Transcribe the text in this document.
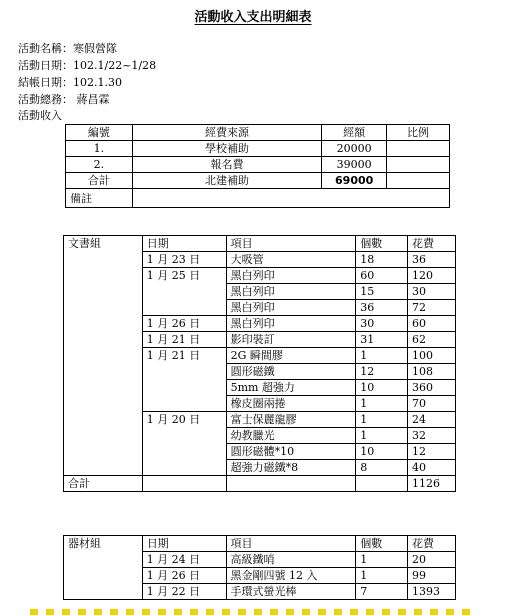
活動收入支出明細表
活動名稱：寒假營隊
活動日期：102.1/22~1/28
結帳日期：102.1.30
活動總務： 蔣昌霖
活動收入
編號	經費來源	經額	比例
1.	學校補助	20000	
2.	報名費	39000	
合計	北建補助	69000	
備註			
文書組	日期	項目	個數	花費
	1 月 23 日	大吸管	18	36
	1 月 25 日	黑白列印	60	120
		黑白列印	15	30
		黑白列印	36	72
	1 月 26 日	黑白列印	30	60
	1 月 21 日	影印裝訂	31	62
	1 月 21 日	2G 瞬間膠	1	100
		圓形磁鐵	12	108
		5mm 超強力	10	360
		橡皮圈兩捲	1	70
	1 月 20 日	富士保麗龍膠	1	24
		幼教臘光	1	32
		圓形磁體*10	10	12
		超強力磁鐵*8	8	40
合計				1126
器材組	日期	項目	個數	花費
	1 月 24 日	高級鐵哨	1	20
	1 月 26 日	黑金剛四號 12 入	1	99
	1 月 22 日	手環式螢光棒	7	1393
